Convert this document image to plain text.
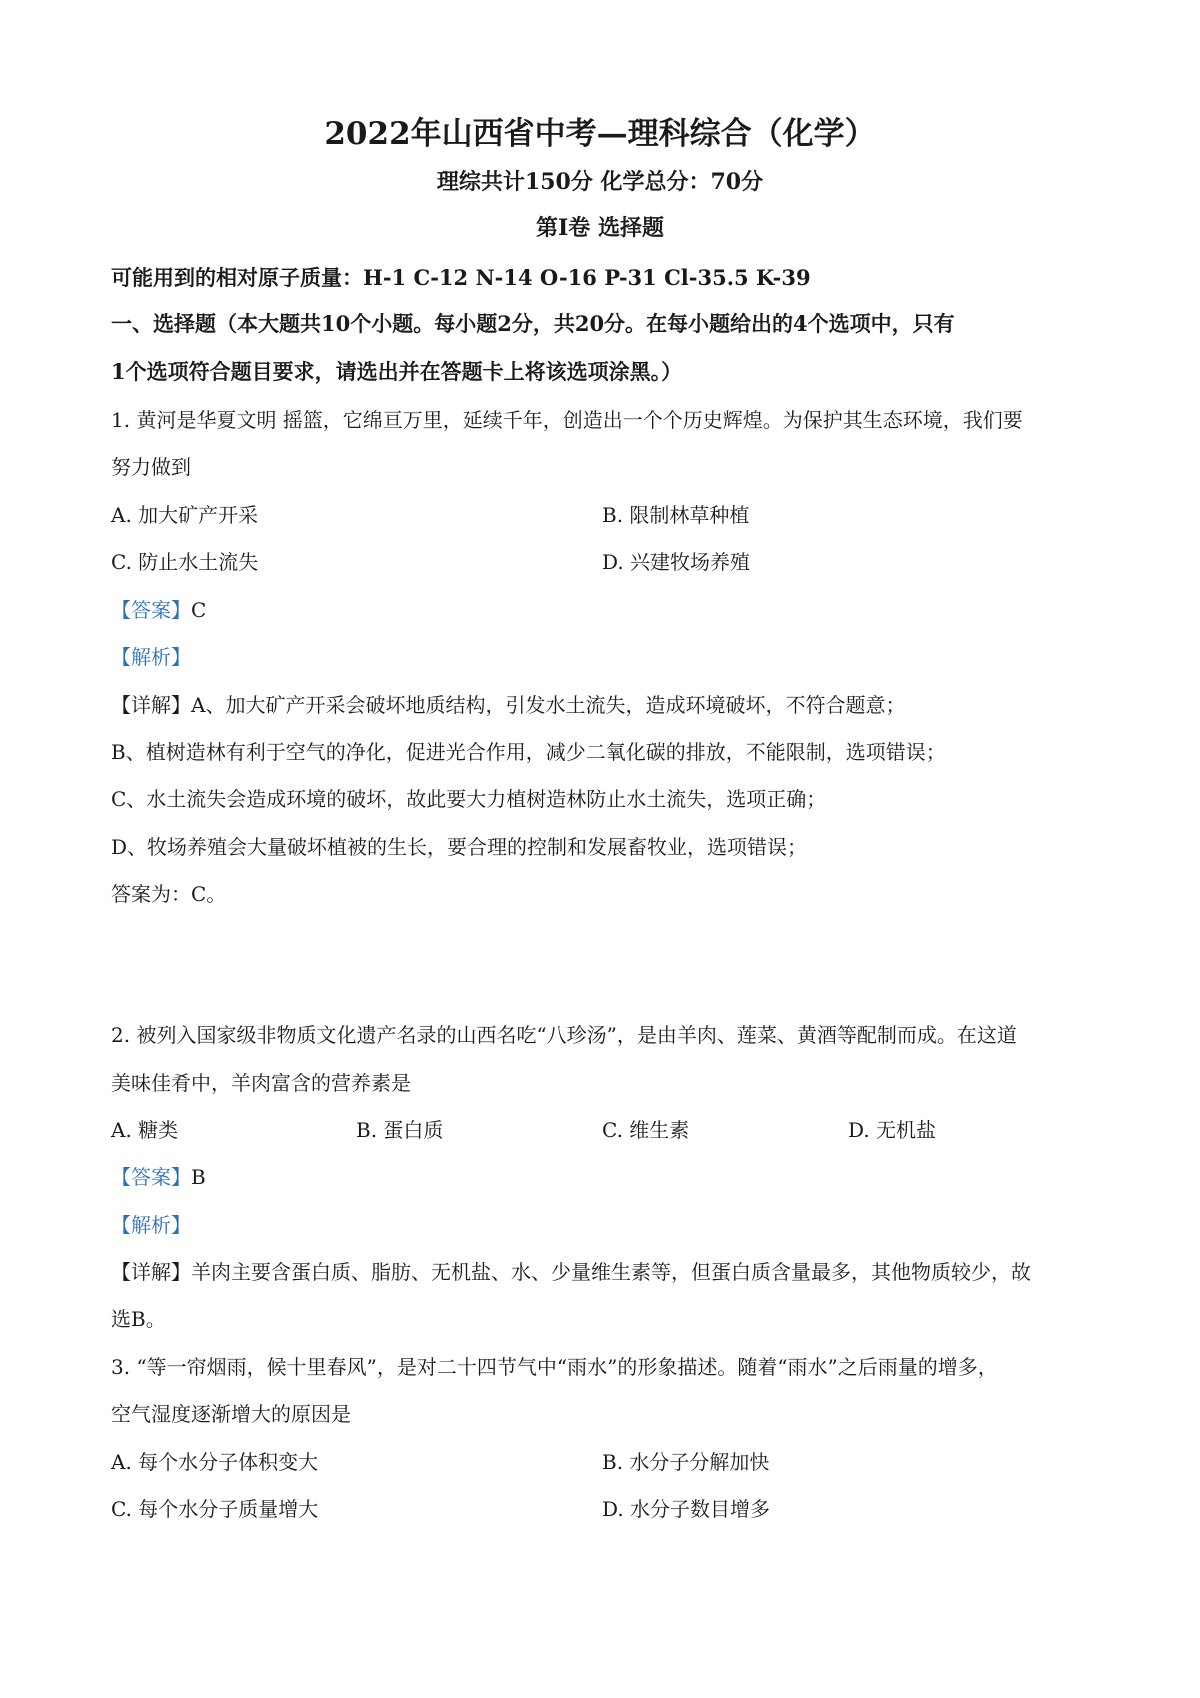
2022年山西省中考—理科综合（化学）
理综共计150分 化学总分：70分
第Ⅰ卷 选择题
可能用到的相对原子质量：H-1 C-12 N-14 O-16 P-31 Cl-35.5 K-39
一、选择题（本大题共10个小题。每小题2分，共20分。在每小题给出的4个选项中，只有
1个选项符合题目要求，请选出并在答题卡上将该选项涂黑。）
1. 黄河是华夏文明 摇篮，它绵亘万里，延续千年，创造出一个个历史辉煌。为保护其生态环境，我们要
努力做到
A. 加大矿产开采	B. 限制林草种植
C. 防止水土流失	D. 兴建牧场养殖
【答案】C
【解析】
【详解】A、加大矿产开采会破坏地质结构，引发水土流失，造成环境破坏，不符合题意；
B、植树造林有利于空气的净化，促进光合作用，减少二氧化碳的排放，不能限制，选项错误；
C、水土流失会造成环境的破坏，故此要大力植树造林防止水土流失，选项正确；
D、牧场养殖会大量破坏植被的生长，要合理的控制和发展畜牧业，选项错误；
答案为：C。
2. 被列入国家级非物质文化遗产名录的山西名吃“八珍汤”，是由羊肉、莲菜、黄酒等配制而成。在这道
美味佳肴中，羊肉富含的营养素是
A. 糖类	B. 蛋白质	C. 维生素	D. 无机盐
【答案】B
【解析】
【详解】羊肉主要含蛋白质、脂肪、无机盐、水、少量维生素等，但蛋白质含量最多，其他物质较少，故
选B。
3. “等一帘烟雨，候十里春风”，是对二十四节气中“雨水”的形象描述。随着“雨水”之后雨量的增多，
空气湿度逐渐增大的原因是
A. 每个水分子体积变大	B. 水分子分解加快
C. 每个水分子质量增大	D. 水分子数目增多
